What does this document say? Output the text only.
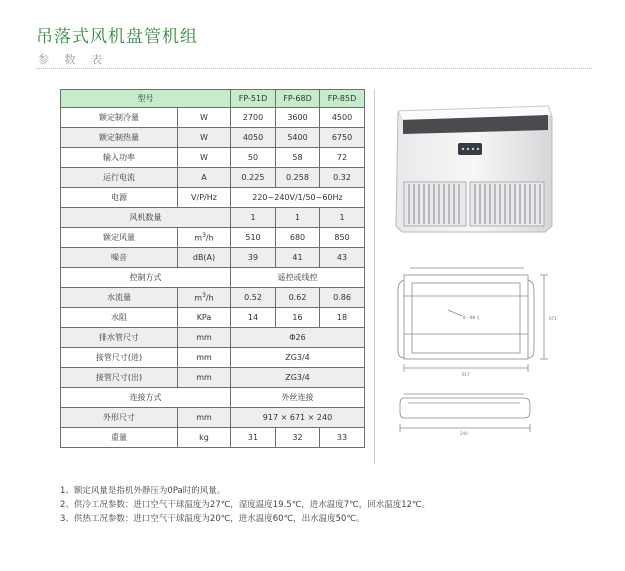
吊落式风机盘管机组
参 数 表
型号		FP-51D	FP-68D	FP-85D
额定制冷量	W	2700	3600	4500
额定制热量	W	4050	5400	6750
输入功率	W	50	58	72
运行电流	A	0.225	0.258	0.32
电源	V/P/Hz	220~240V/1/50~60Hz		
风机数量		1	1	1
额定风量	$m^3/h$	510	680	850
噪音	dB(A)	39	41	43
控制方式		遥控或线控		
水流量	$m^3/h$	0.52	0.62	0.86
水阻	KPa	14	16	18
排水管尺寸	mm	Φ26		
接管尺寸(进)	mm	ZG3/4		
接管尺寸(出)	mm	ZG3/4		
连接方式		外丝连接		
外形尺寸	mm	917 × 671 × 240		
重量	kg	31	32	33
8 - Φ8 孔
917
671
240
1、额定风量是指机外静压为0Pa时的风量。
2、供冷工况参数：进口空气干球温度为27℃，湿度温度19.5℃，进水温度7℃，回水温度12℃。
3、供热工况参数：进口空气干球温度为20℃，进水温度60℃，出水温度50℃。
